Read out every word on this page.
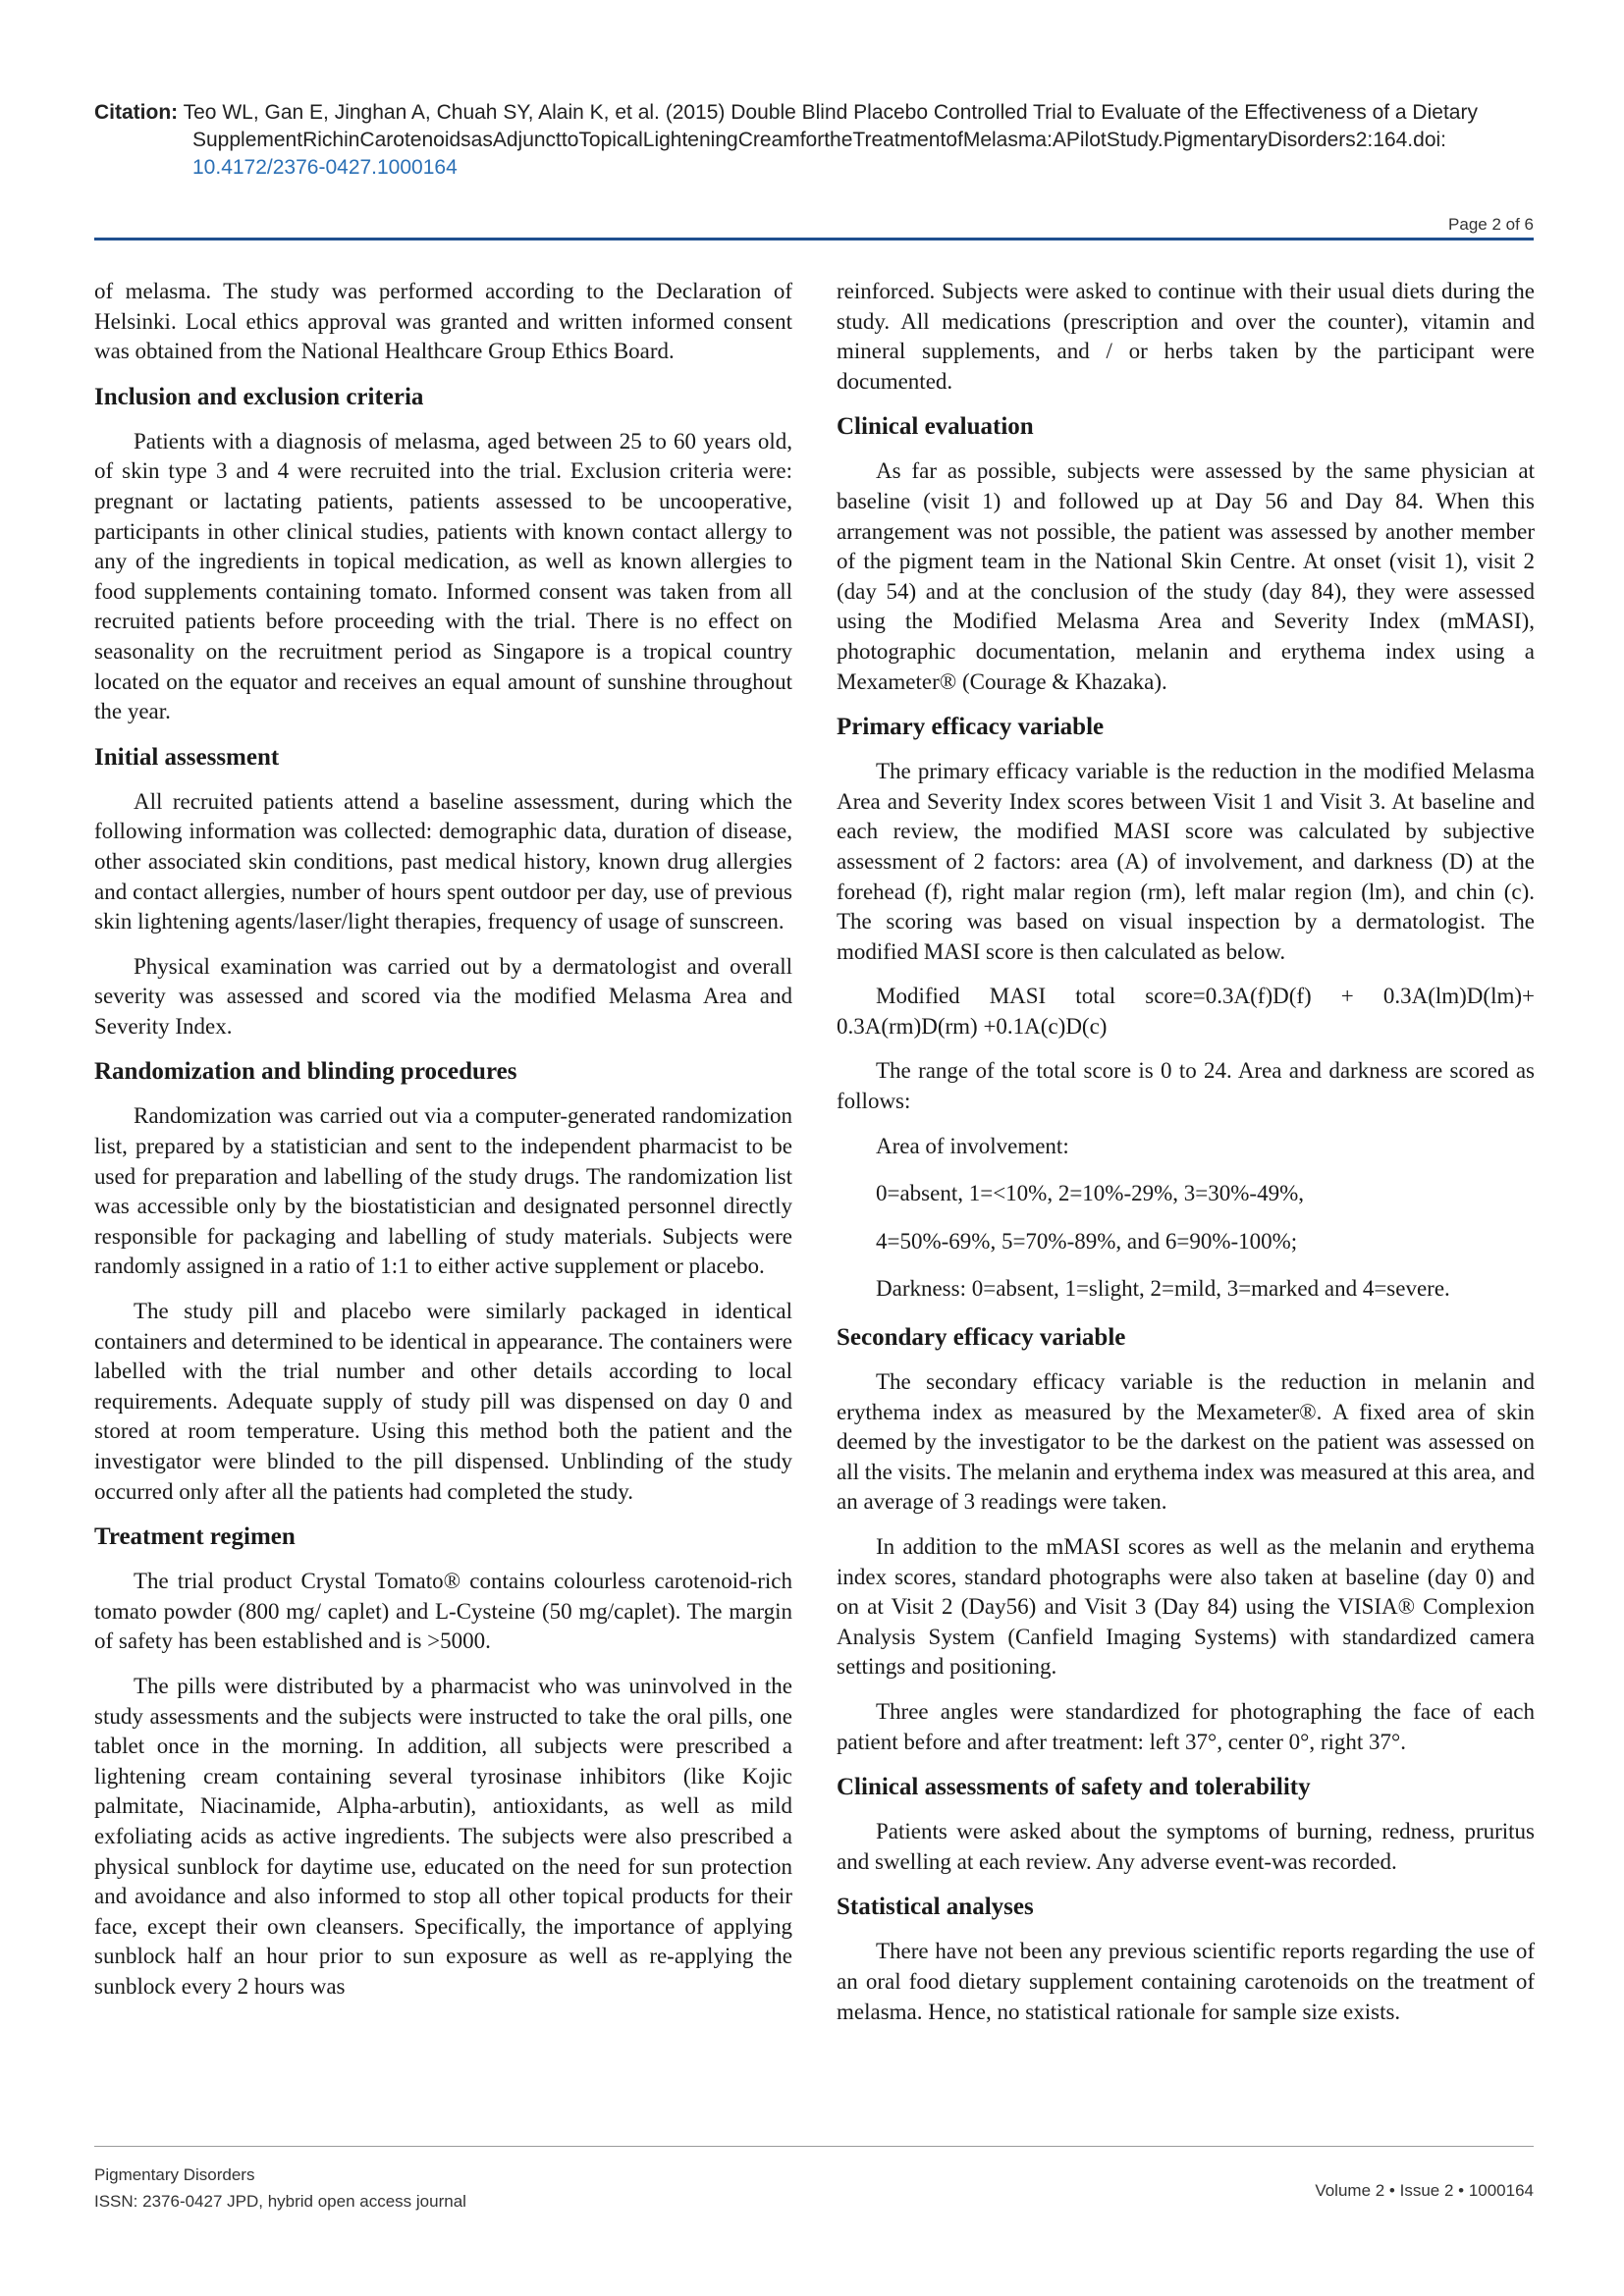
Citation: Teo WL, Gan E, Jinghan A, Chuah SY, Alain K, et al. (2015) Double Blind Placebo Controlled Trial to Evaluate of the Effectiveness of a Dietary
SupplementRichinCarotenoidsasAdjuncttoTopicalLighteningCreamfortheTreatmentofMelasma:APilotStudy.PigmentaryDisorders2:164.doi:
10.4172/2376-0427.1000164
Page 2 of 6

of melasma. The study was performed according to the Declaration of Helsinki. Local ethics approval was granted and written informed consent was obtained from the National Healthcare Group Ethics Board.

Inclusion and exclusion criteria

Patients with a diagnosis of melasma, aged between 25 to 60 years old, of skin type 3 and 4 were recruited into the trial. Exclusion criteria were: pregnant or lactating patients, patients assessed to be uncooperative, participants in other clinical studies, patients with known contact allergy to any of the ingredients in topical medication, as well as known allergies to food supplements containing tomato. Informed consent was taken from all recruited patients before proceeding with the trial. There is no effect on seasonality on the recruitment period as Singapore is a tropical country located on the equator and receives an equal amount of sunshine throughout the year.

Initial assessment

All recruited patients attend a baseline assessment, during which the following information was collected: demographic data, duration of disease, other associated skin conditions, past medical history, known drug allergies and contact allergies, number of hours spent outdoor per day, use of previous skin lightening agents/laser/light therapies, frequency of usage of sunscreen.

Physical examination was carried out by a dermatologist and overall severity was assessed and scored via the modified Melasma Area and Severity Index.

Randomization and blinding procedures

Randomization was carried out via a computer-generated randomization list, prepared by a statistician and sent to the independent pharmacist to be used for preparation and labelling of the study drugs. The randomization list was accessible only by the biostatistician and designated personnel directly responsible for packaging and labelling of study materials. Subjects were randomly assigned in a ratio of 1:1 to either active supplement or placebo.

The study pill and placebo were similarly packaged in identical containers and determined to be identical in appearance. The containers were labelled with the trial number and other details according to local requirements. Adequate supply of study pill was dispensed on day 0 and stored at room temperature. Using this method both the patient and the investigator were blinded to the pill dispensed. Unblinding of the study occurred only after all the patients had completed the study.

Treatment regimen

The trial product Crystal Tomato® contains colourless carotenoid-rich tomato powder (800 mg/ caplet) and L-Cysteine (50 mg/caplet). The margin of safety has been established and is >5000.

The pills were distributed by a pharmacist who was uninvolved in the study assessments and the subjects were instructed to take the oral pills, one tablet once in the morning. In addition, all subjects were prescribed a lightening cream containing several tyrosinase inhibitors (like Kojic palmitate, Niacinamide, Alpha-arbutin), antioxidants, as well as mild exfoliating acids as active ingredients. The subjects were also prescribed a physical sunblock for daytime use, educated on the need for sun protection and avoidance and also informed to stop all other topical products for their face, except their own cleansers. Specifically, the importance of applying sunblock half an hour prior to sun exposure as well as re-applying the sunblock every 2 hours was

reinforced. Subjects were asked to continue with their usual diets during the study. All medications (prescription and over the counter), vitamin and mineral supplements, and / or herbs taken by the participant were documented.

Clinical evaluation

As far as possible, subjects were assessed by the same physician at baseline (visit 1) and followed up at Day 56 and Day 84. When this arrangement was not possible, the patient was assessed by another member of the pigment team in the National Skin Centre. At onset (visit 1), visit 2 (day 54) and at the conclusion of the study (day 84), they were assessed using the Modified Melasma Area and Severity Index (mMASI), photographic documentation, melanin and erythema index using a Mexameter® (Courage & Khazaka).

Primary efficacy variable

The primary efficacy variable is the reduction in the modified Melasma Area and Severity Index scores between Visit 1 and Visit 3. At baseline and each review, the modified MASI score was calculated by subjective assessment of 2 factors: area (A) of involvement, and darkness (D) at the forehead (f), right malar region (rm), left malar region (lm), and chin (c). The scoring was based on visual inspection by a dermatologist. The modified MASI score is then calculated as below.

Modified MASI total score=0.3A(f)D(f) + 0.3A(lm)D(lm)+ 0.3A(rm)D(rm) +0.1A(c)D(c)

The range of the total score is 0 to 24. Area and darkness are scored as follows:

Area of involvement:

0=absent, 1=<10%, 2=10%-29%, 3=30%-49%,

4=50%-69%, 5=70%-89%, and 6=90%-100%;

Darkness: 0=absent, 1=slight, 2=mild, 3=marked and 4=severe.

Secondary efficacy variable

The secondary efficacy variable is the reduction in melanin and erythema index as measured by the Mexameter®. A fixed area of skin deemed by the investigator to be the darkest on the patient was assessed on all the visits. The melanin and erythema index was measured at this area, and an average of 3 readings were taken.

In addition to the mMASI scores as well as the melanin and erythema index scores, standard photographs were also taken at baseline (day 0) and on at Visit 2 (Day56) and Visit 3 (Day 84) using the VISIA® Complexion Analysis System (Canfield Imaging Systems) with standardized camera settings and positioning.

Three angles were standardized for photographing the face of each patient before and after treatment: left 37°, center 0°, right 37°.

Clinical assessments of safety and tolerability

Patients were asked about the symptoms of burning, redness, pruritus and swelling at each review. Any adverse event-was recorded.

Statistical analyses

There have not been any previous scientific reports regarding the use of an oral food dietary supplement containing carotenoids on the treatment of melasma. Hence, no statistical rationale for sample size exists.

Pigmentary Disorders
ISSN: 2376-0427 JPD, hybrid open access journal
Volume 2 • Issue 2 • 1000164
